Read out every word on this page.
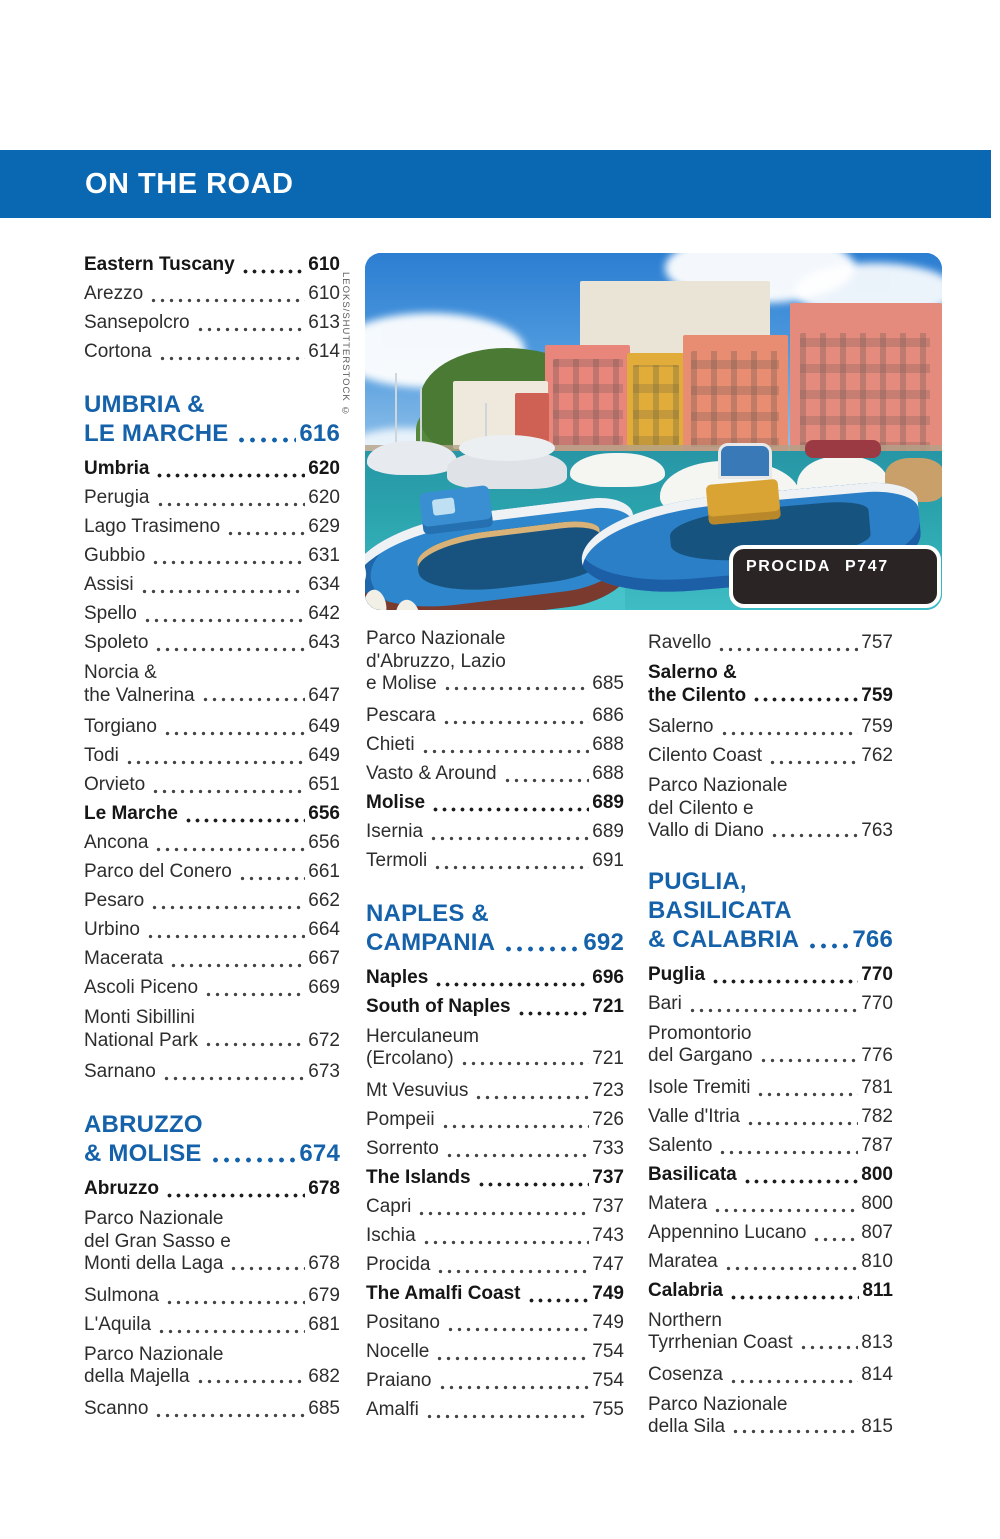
ON THE ROAD
LEOKS/SHUTTERSTOCK ©
PROCIDA P747
Eastern Tuscany	610
Arezzo	610
Sansepolcro	613
Cortona	614
UMBRIA &
LE MARCHE	616
Umbria	620
Perugia	620
Lago Trasimeno	629
Gubbio	631
Assisi	634
Spello	642
Spoleto	643
Norcia &
the Valnerina	647
Torgiano	649
Todi	649
Orvieto	651
Le Marche	656
Ancona	656
Parco del Conero	661
Pesaro	662
Urbino	664
Macerata	667
Ascoli Piceno	669
Monti Sibillini
National Park	672
Sarnano	673
ABRUZZO
& MOLISE	674
Abruzzo	678
Parco Nazionale
del Gran Sasso e
Monti della Laga	678
Sulmona	679
L'Aquila	681
Parco Nazionale
della Majella	682
Scanno	685
Parco Nazionale
d'Abruzzo, Lazio
e Molise	685
Pescara	686
Chieti	688
Vasto & Around	688
Molise	689
Isernia	689
Termoli	691
NAPLES &
CAMPANIA	692
Naples	696
South of Naples	721
Herculaneum
(Ercolano)	721
Mt Vesuvius	723
Pompeii	726
Sorrento	733
The Islands	737
Capri	737
Ischia	743
Procida	747
The Amalfi Coast	749
Positano	749
Nocelle	754
Praiano	754
Amalfi	755
Ravello	757
Salerno &
the Cilento	759
Salerno	759
Cilento Coast	762
Parco Nazionale
del Cilento e
Vallo di Diano	763
PUGLIA,
BASILICATA
& CALABRIA 766
Puglia	770
Bari	770
Promontorio
del Gargano	776
Isole Tremiti	781
Valle d'Itria	782
Salento	787
Basilicata	800
Matera	800
Appennino Lucano	807
Maratea	810
Calabria	811
Northern
Tyrrhenian Coast	813
Cosenza	814
Parco Nazionale
della Sila	815
